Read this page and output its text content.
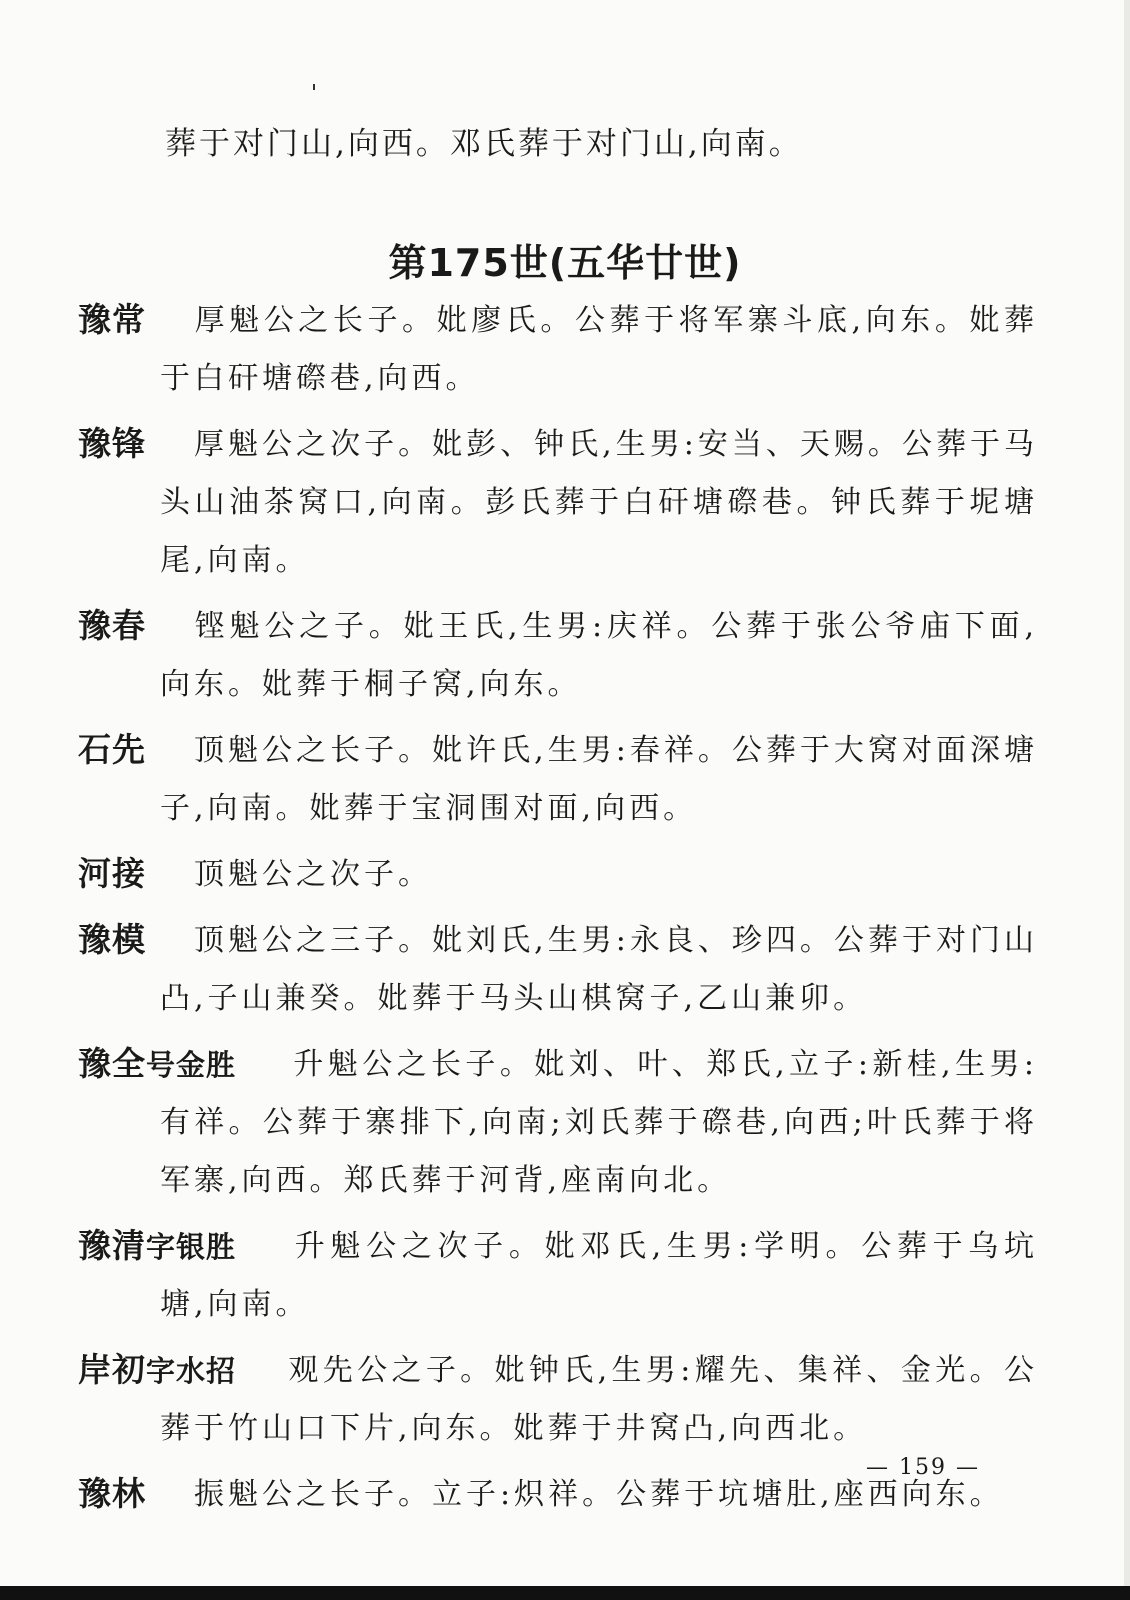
葬于对门山,向西。邓氏葬于对门山,向南。
第175世(五华廿世)
豫常	厚魁公之长子。妣廖氏。公葬于将军寨斗底,向东。妣葬于白矸塘磜巷,向西。
豫锋	厚魁公之次子。妣彭、钟氏,生男:安当、天赐。公葬于马头山油茶窝口,向南。彭氏葬于白矸塘磜巷。钟氏葬于坭塘尾,向南。
豫春	铿魁公之子。妣王氏,生男:庆祥。公葬于张公爷庙下面,向东。妣葬于桐子窝,向东。
石先	顶魁公之长子。妣许氏,生男:春祥。公葬于大窝对面深塘子,向南。妣葬于宝洞围对面,向西。
河接	顶魁公之次子。
豫模	顶魁公之三子。妣刘氏,生男:永良、珍四。公葬于对门山凸,子山兼癸。妣葬于马头山棋窝子,乙山兼卯。
豫全号金胜	升魁公之长子。妣刘、叶、郑氏,立子:新桂,生男:有祥。公葬于寨排下,向南;刘氏葬于磜巷,向西;叶氏葬于将军寨,向西。郑氏葬于河背,座南向北。
豫清字银胜	升魁公之次子。妣邓氏,生男:学明。公葬于乌坑塘,向南。
岸初字水招	观先公之子。妣钟氏,生男:耀先、集祥、金光。公葬于竹山口下片,向东。妣葬于井窝凸,向西北。
豫林	振魁公之长子。立子:炽祥。公葬于坑塘肚,座西向东。
— 159 —
